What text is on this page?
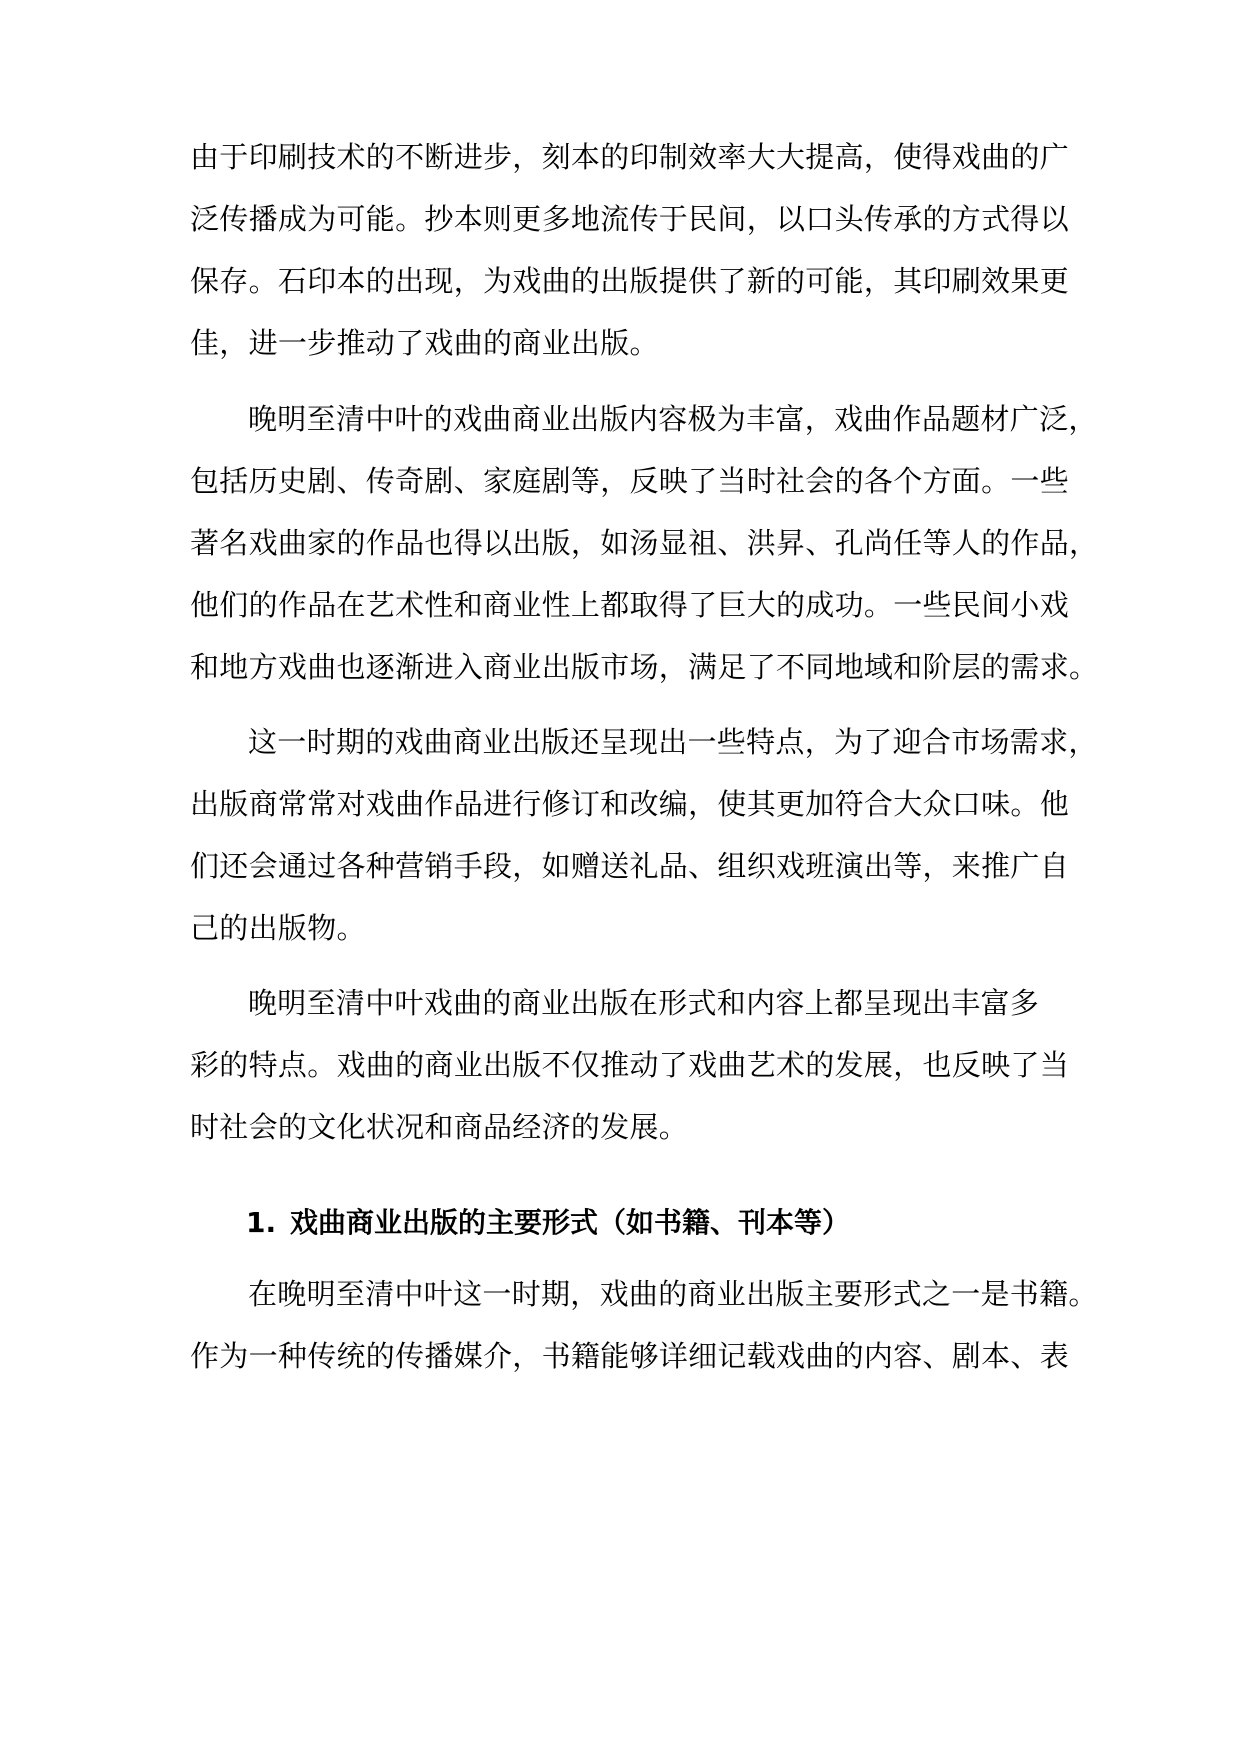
由于印刷技术的不断进步，刻本的印制效率大大提高，使得戏曲的广
泛传播成为可能。抄本则更多地流传于民间，以口头传承的方式得以
保存。石印本的出现，为戏曲的出版提供了新的可能，其印刷效果更
佳，进一步推动了戏曲的商业出版。
晚明至清中叶的戏曲商业出版内容极为丰富，戏曲作品题材广泛，
包括历史剧、传奇剧、家庭剧等，反映了当时社会的各个方面。一些
著名戏曲家的作品也得以出版，如汤显祖、洪昇、孔尚任等人的作品，
他们的作品在艺术性和商业性上都取得了巨大的成功。一些民间小戏
和地方戏曲也逐渐进入商业出版市场，满足了不同地域和阶层的需求。
这一时期的戏曲商业出版还呈现出一些特点，为了迎合市场需求，
出版商常常对戏曲作品进行修订和改编，使其更加符合大众口味。他
们还会通过各种营销手段，如赠送礼品、组织戏班演出等，来推广自
己的出版物。
晚明至清中叶戏曲的商业出版在形式和内容上都呈现出丰富多
彩的特点。戏曲的商业出版不仅推动了戏曲艺术的发展，也反映了当
时社会的文化状况和商品经济的发展。
1. 戏曲商业出版的主要形式（如书籍、刊本等）
在晚明至清中叶这一时期，戏曲的商业出版主要形式之一是书籍。
作为一种传统的传播媒介，书籍能够详细记载戏曲的内容、剧本、表
